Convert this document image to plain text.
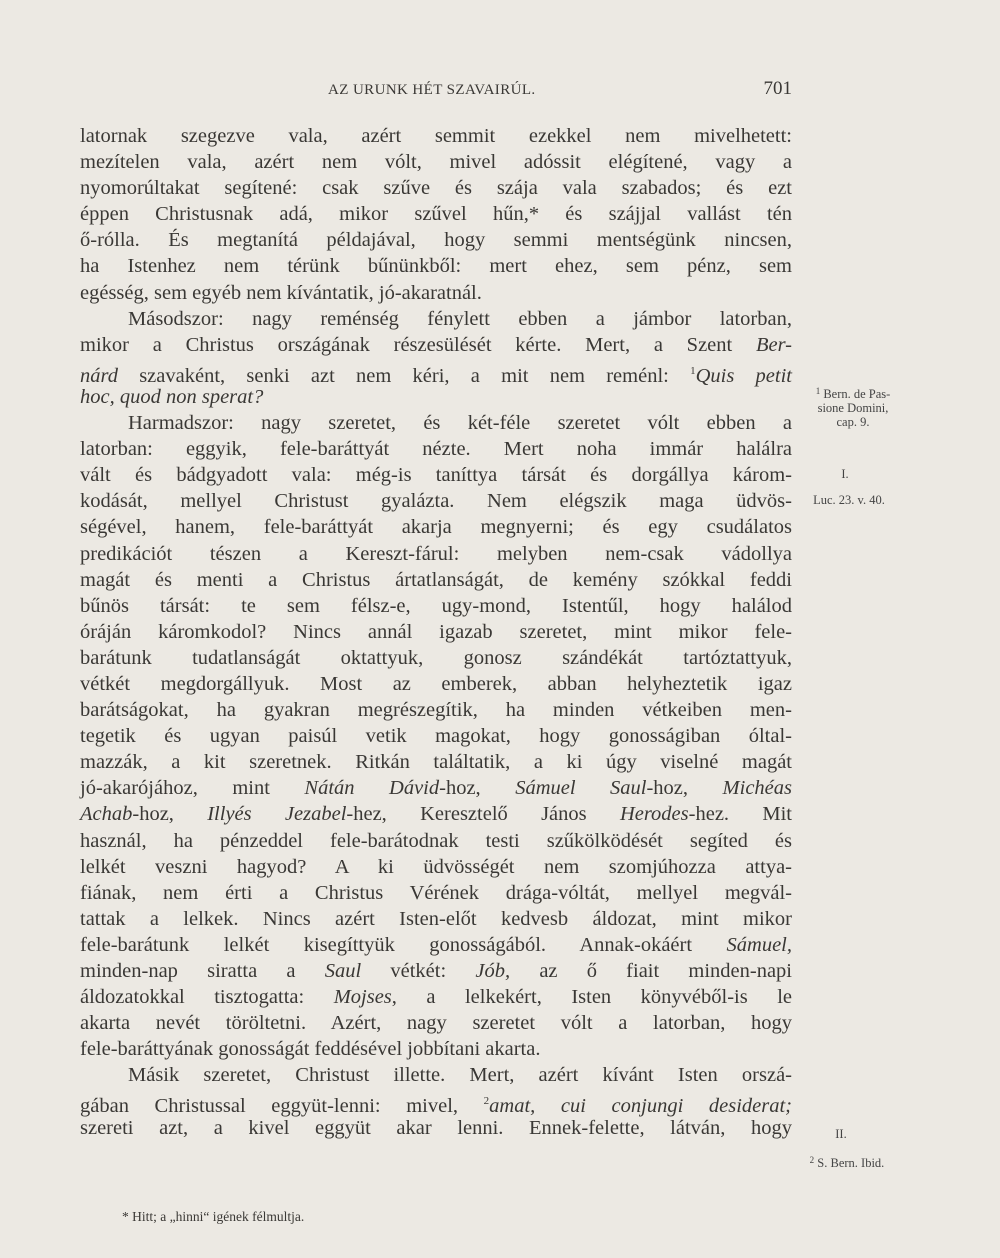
AZ URUNK HÉT SZAVAIRÚL.	701
latornak szegezve vala, azért semmit ezekkel nem mivelhetett:
mezítelen vala, azért nem vólt, mivel adóssit elégítené, vagy a
nyomorúltakat segítené: csak szűve és szája vala szabados; és ezt
éppen Christusnak adá, mikor szűvel hűn,* és szájjal vallást tén
ő-rólla. És megtanítá példajával, hogy semmi mentségünk nincsen,
ha Istenhez nem térünk bűnünkből: mert ehez, sem pénz, sem
egésség, sem egyéb nem kívántatik, jó-akaratnál.
Másodszor: nagy reménség fénylett ebben a jámbor latorban,
mikor a Christus országának részesülését kérte. Mert, a Szent Ber-
nárd szavaként, senki azt nem kéri, a mit nem reménl: $^1$Quis petit
hoc, quod non sperat?
Harmadszor: nagy szeretet, és két-féle szeretet vólt ebben a
latorban: eggyik, fele-baráttyát nézte. Mert noha immár halálra
vált és bádgyadott vala: még-is taníttya társát és dorgállya károm-
kodását, mellyel Christust gyalázta. Nem elégszik maga üdvös-
ségével, hanem, fele-baráttyát akarja megnyerni; és egy csudálatos
predikációt tészen a Kereszt-fárul: melyben nem-csak vádollya
magát és menti a Christus ártatlanságát, de kemény szókkal feddi
bűnös társát: te sem félsz-e, ugy-mond, Istentűl, hogy halálod
óráján káromkodol? Nincs annál igazab szeretet, mint mikor fele-
barátunk tudatlanságát oktattyuk, gonosz szándékát tartóztattyuk,
vétkét megdorgállyuk. Most az emberek, abban helyheztetik igaz
barátságokat, ha gyakran megrészegítik, ha minden vétkeiben men-
tegetik és ugyan paisúl vetik magokat, hogy gonosságiban óltal-
mazzák, a kit szeretnek. Ritkán találtatik, a ki úgy viselné magát
jó-akarójához, mint Nátán Dávid-hoz, Sámuel Saul-hoz, Michéas
Achab-hoz, Illyés Jezabel-hez, Keresztelő János Herodes-hez. Mit
használ, ha pénzeddel fele-barátodnak testi szűkölködését segíted és
lelkét veszni hagyod? A ki üdvösségét nem szomjúhozza attya-
fiának, nem érti a Christus Vérének drága-vóltát, mellyel megvál-
tattak a lelkek. Nincs azért Isten-előt kedvesb áldozat, mint mikor
fele-barátunk lelkét kisegíttyük gonosságából. Annak-okáért Sámuel,
minden-nap siratta a Saul vétkét: Jób, az ő fiait minden-napi
áldozatokkal tisztogatta: Mojses, a lelkekért, Isten könyvéből-is le
akarta nevét töröltetni. Azért, nagy szeretet vólt a latorban, hogy
fele-baráttyának gonosságát feddésével jobbítani akarta.
Másik szeretet, Christust illette. Mert, azért kívánt Isten orszá-
gában Christussal eggyüt-lenni: mivel, $^2$amat, cui conjungi desiderat;
szereti azt, a kivel eggyüt akar lenni. Ennek-felette, látván, hogy
$^1$ Bern. de Pas-
sione Domini,
cap. 9.
I.
Luc. 23. v. 40.
II.
$^2$ S. Bern. Ibid.
* Hitt; a „hinni“ igének félmultja.
